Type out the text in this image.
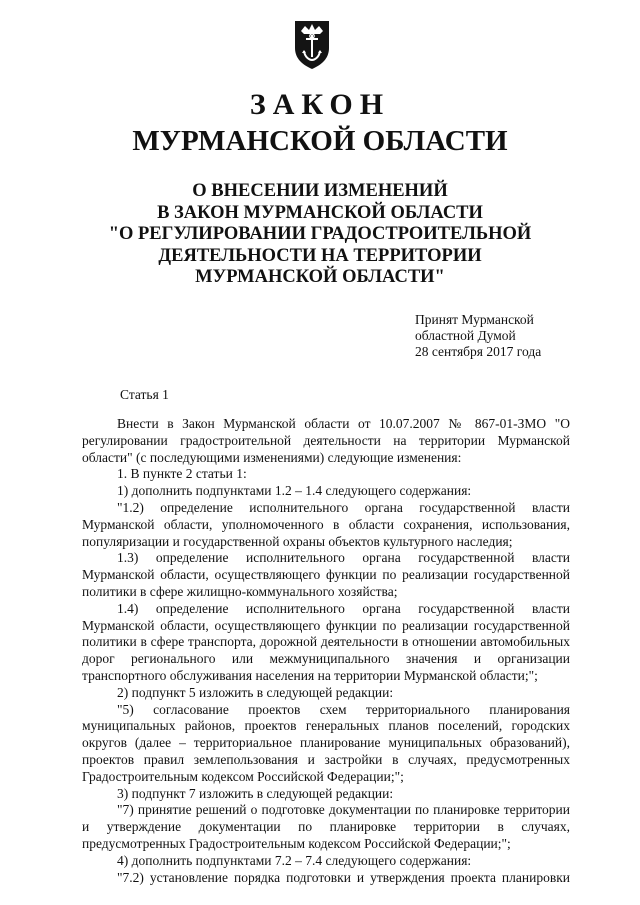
ЗАКОН
МУРМАНСКОЙ ОБЛАСТИ
О ВНЕСЕНИИ ИЗМЕНЕНИЙ
В ЗАКОН МУРМАНСКОЙ ОБЛАСТИ
"О РЕГУЛИРОВАНИИ ГРАДОСТРОИТЕЛЬНОЙ
ДЕЯТЕЛЬНОСТИ НА ТЕРРИТОРИИ
МУРМАНСКОЙ ОБЛАСТИ"
Принят Мурманской
областной Думой
28 сентября 2017 года
Статья 1

Внести в Закон Мурманской области от 10.07.2007 № 867-01-ЗМО "О регулировании градостроительной деятельности на территории Мурманской области" (с последующими изменениями) следующие изменения:

1. В пункте 2 статьи 1:

1) дополнить подпунктами 1.2 – 1.4 следующего содержания:

"1.2) определение исполнительного органа государственной власти Мурманской области, уполномоченного в области сохранения, использования, популяризации и государственной охраны объектов культурного наследия;

1.3) определение исполнительного органа государственной власти Мурманской области, осуществляющего функции по реализации государственной политики в сфере жилищно-коммунального хозяйства;

1.4) определение исполнительного органа государственной власти Мурманской области, осуществляющего функции по реализации государственной политики в сфере транспорта, дорожной деятельности в отношении автомобильных дорог регионального или межмуниципального значения и организации транспортного обслуживания населения на территории Мурманской области;";

2) подпункт 5 изложить в следующей редакции:

"5) согласование проектов схем территориального планирования муниципальных районов, проектов генеральных планов поселений, городских округов (далее – территориальное планирование муниципальных образований), проектов правил землепользования и застройки в случаях, предусмотренных Градостроительным кодексом Российской Федерации;";

3) подпункт 7 изложить в следующей редакции:

"7) принятие решений о подготовке документации по планировке территории и утверждение документации по планировке территории в случаях, предусмотренных Градостроительным кодексом Российской Федерации;";

4) дополнить подпунктами 7.2 – 7.4 следующего содержания:

"7.2) установление порядка подготовки и утверждения проекта планировки
